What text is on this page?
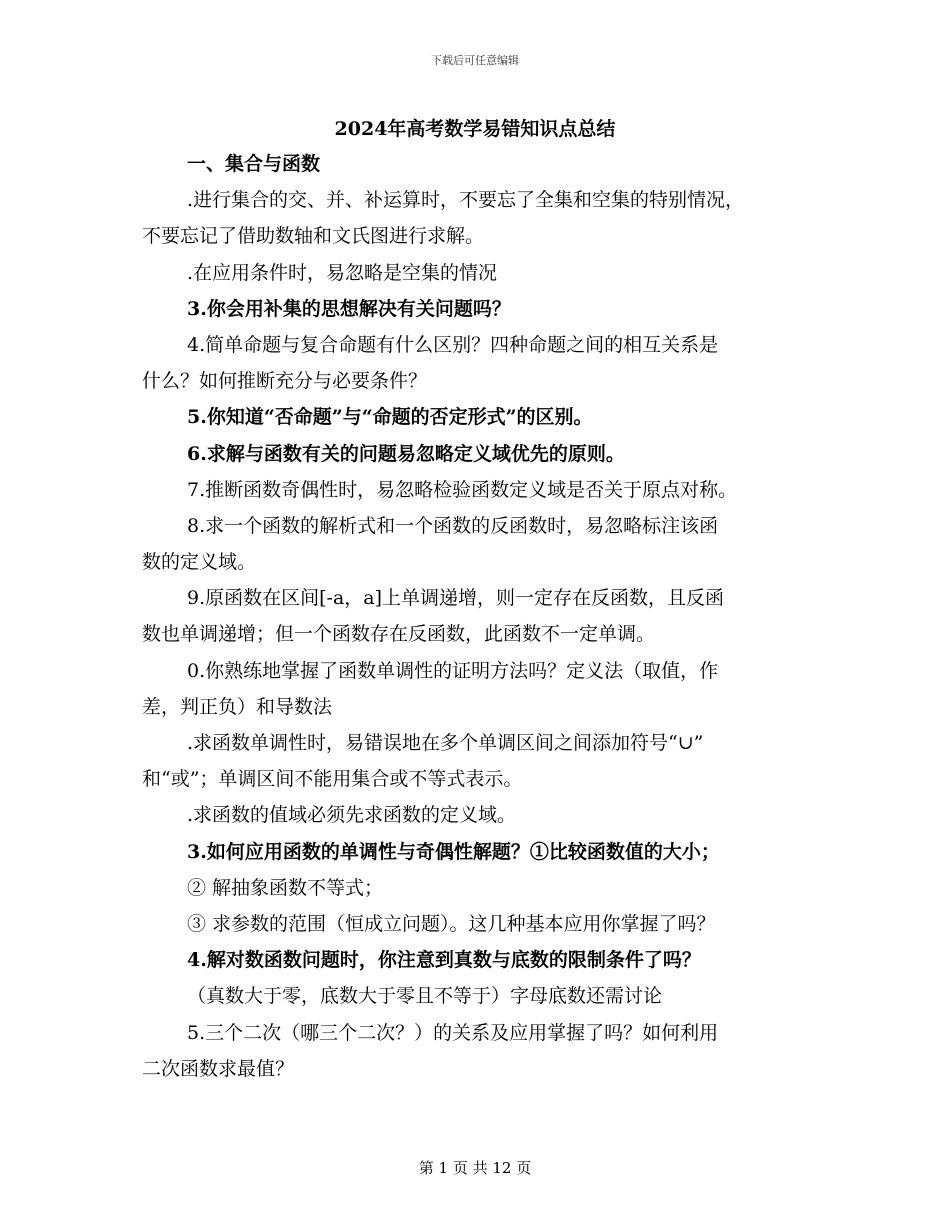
下载后可任意编辑
2024年高考数学易错知识点总结
一、集合与函数
.进行集合的交、并、补运算时，不要忘了全集和空集的特别情况，
不要忘记了借助数轴和文氏图进行求解。
.在应用条件时，易忽略是空集的情况
3.你会用补集的思想解决有关问题吗？
4.简单命题与复合命题有什么区别？四种命题之间的相互关系是
什么？如何推断充分与必要条件？
5.你知道“否命题”与“命题的否定形式”的区别。
6.求解与函数有关的问题易忽略定义域优先的原则。
7.推断函数奇偶性时，易忽略检验函数定义域是否关于原点对称。
8.求一个函数的解析式和一个函数的反函数时，易忽略标注该函
数的定义域。
9.原函数在区间[-a，a]上单调递增，则一定存在反函数，且反函
数也单调递增；但一个函数存在反函数，此函数不一定单调。
0.你熟练地掌握了函数单调性的证明方法吗？定义法（取值，作
差，判正负）和导数法
.求函数单调性时，易错误地在多个单调区间之间添加符号“∪”
和“或”；单调区间不能用集合或不等式表示。
.求函数的值域必须先求函数的定义域。
3.如何应用函数的单调性与奇偶性解题？①比较函数值的大小；
② 解抽象函数不等式；
③ 求参数的范围（恒成立问题）。这几种基本应用你掌握了吗？
4.解对数函数问题时，你注意到真数与底数的限制条件了吗？
（真数大于零，底数大于零且不等于）字母底数还需讨论
5.三个二次（哪三个二次？）的关系及应用掌握了吗？如何利用
二次函数求最值？
第 1 页 共 12 页
